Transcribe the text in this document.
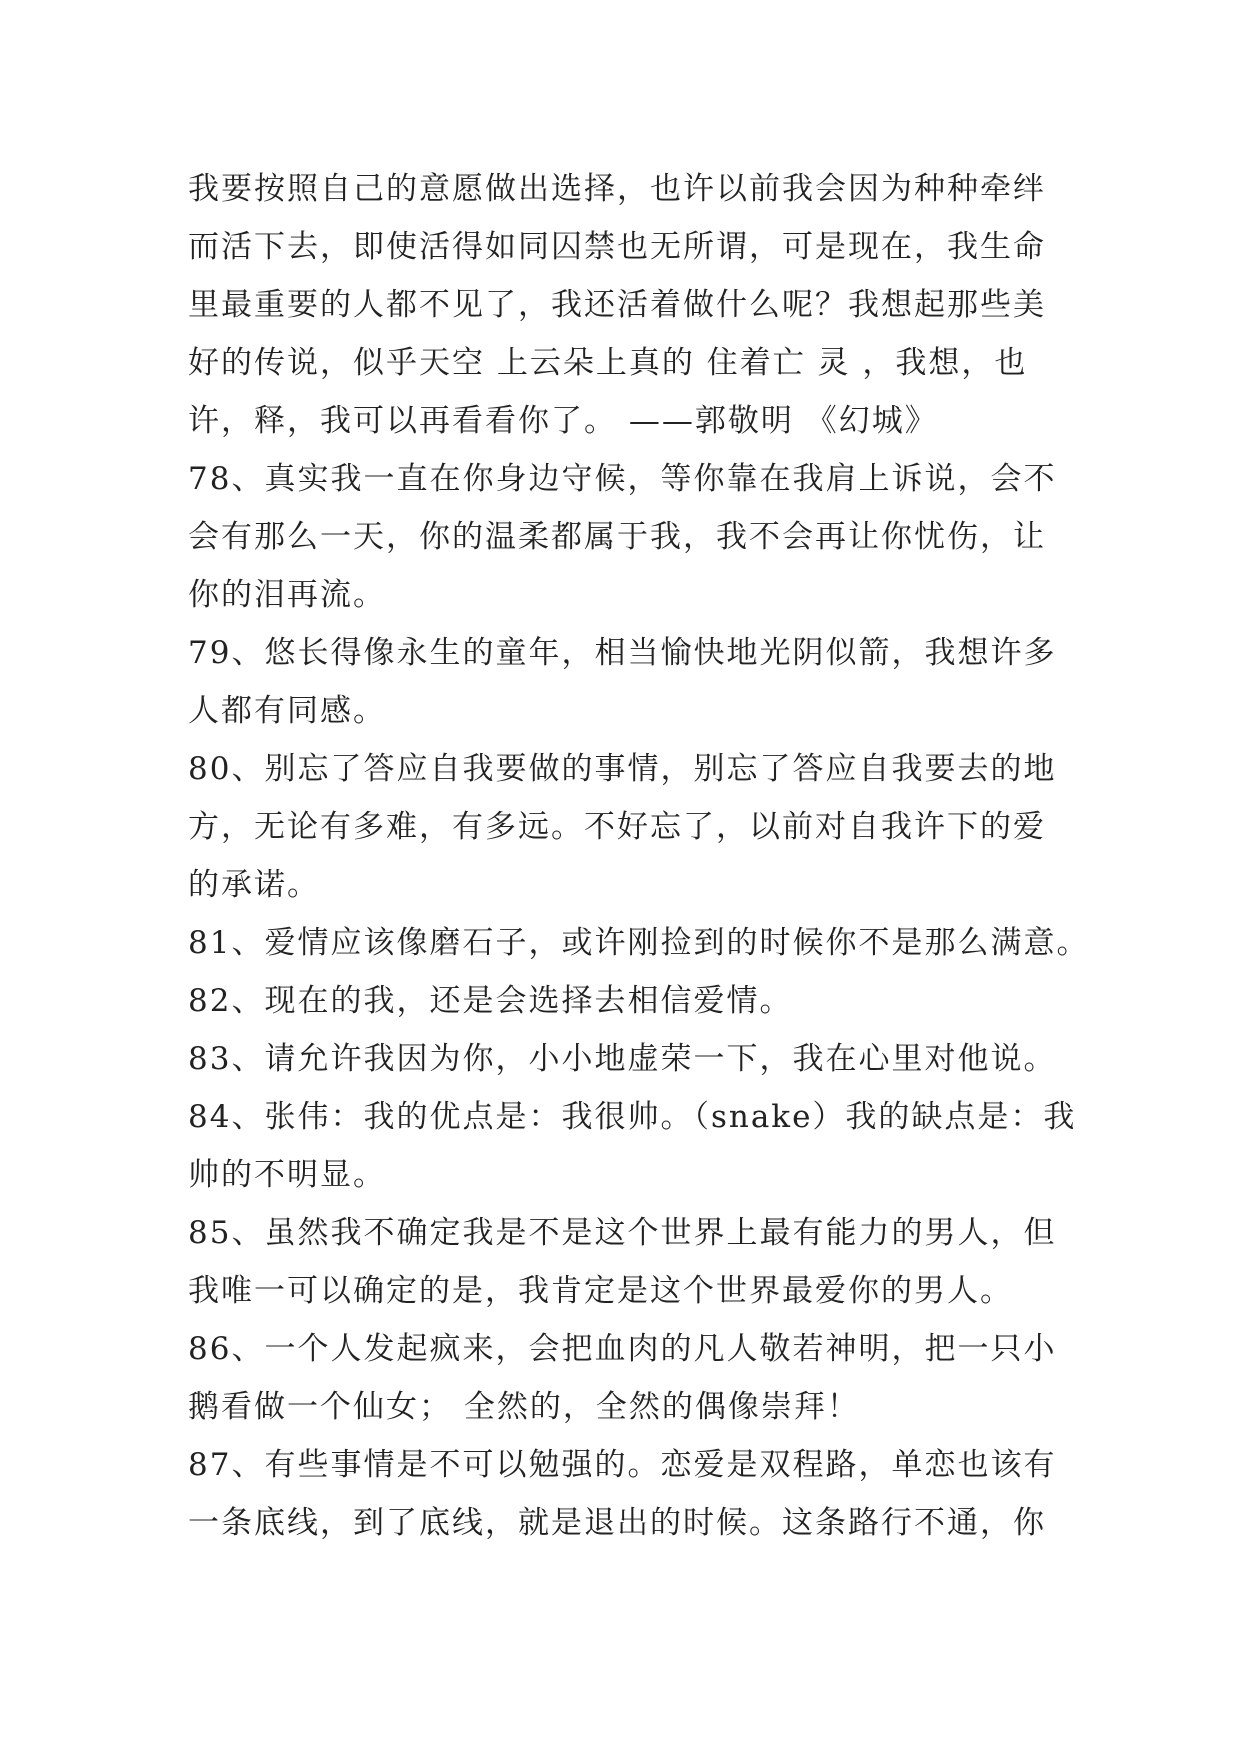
我要按照自己的意愿做出选择，也许以前我会因为种种牵绊
而活下去，即使活得如同囚禁也无所谓，可是现在，我生命
里最重要的人都不见了，我还活着做什么呢？我想起那些美
好的传说，似乎天空 上云朵上真的 住着亡 灵 ，我想，也
许，释，我可以再看看你了。 ——郭敬明 《幻城》
78、真实我一直在你身边守候，等你靠在我肩上诉说，会不
会有那么一天，你的温柔都属于我，我不会再让你忧伤，让
你的泪再流。
79、悠长得像永生的童年，相当愉快地光阴似箭，我想许多
人都有同感。
80、别忘了答应自我要做的事情，别忘了答应自我要去的地
方，无论有多难，有多远。不好忘了，以前对自我许下的爱
的承诺。
81、爱情应该像磨石子，或许刚捡到的时候你不是那么满意。
82、现在的我，还是会选择去相信爱情。
83、请允许我因为你，小小地虚荣一下，我在心里对他说。
84、张伟：我的优点是：我很帅。（snake）我的缺点是：我
帅的不明显。
85、虽然我不确定我是不是这个世界上最有能力的男人，但
我唯一可以确定的是，我肯定是这个世界最爱你的男人。
86、一个人发起疯来，会把血肉的凡人敬若神明，把一只小
鹅看做一个仙女； 全然的，全然的偶像崇拜！
87、有些事情是不可以勉强的。恋爱是双程路，单恋也该有
一条底线，到了底线，就是退出的时候。这条路行不通，你
